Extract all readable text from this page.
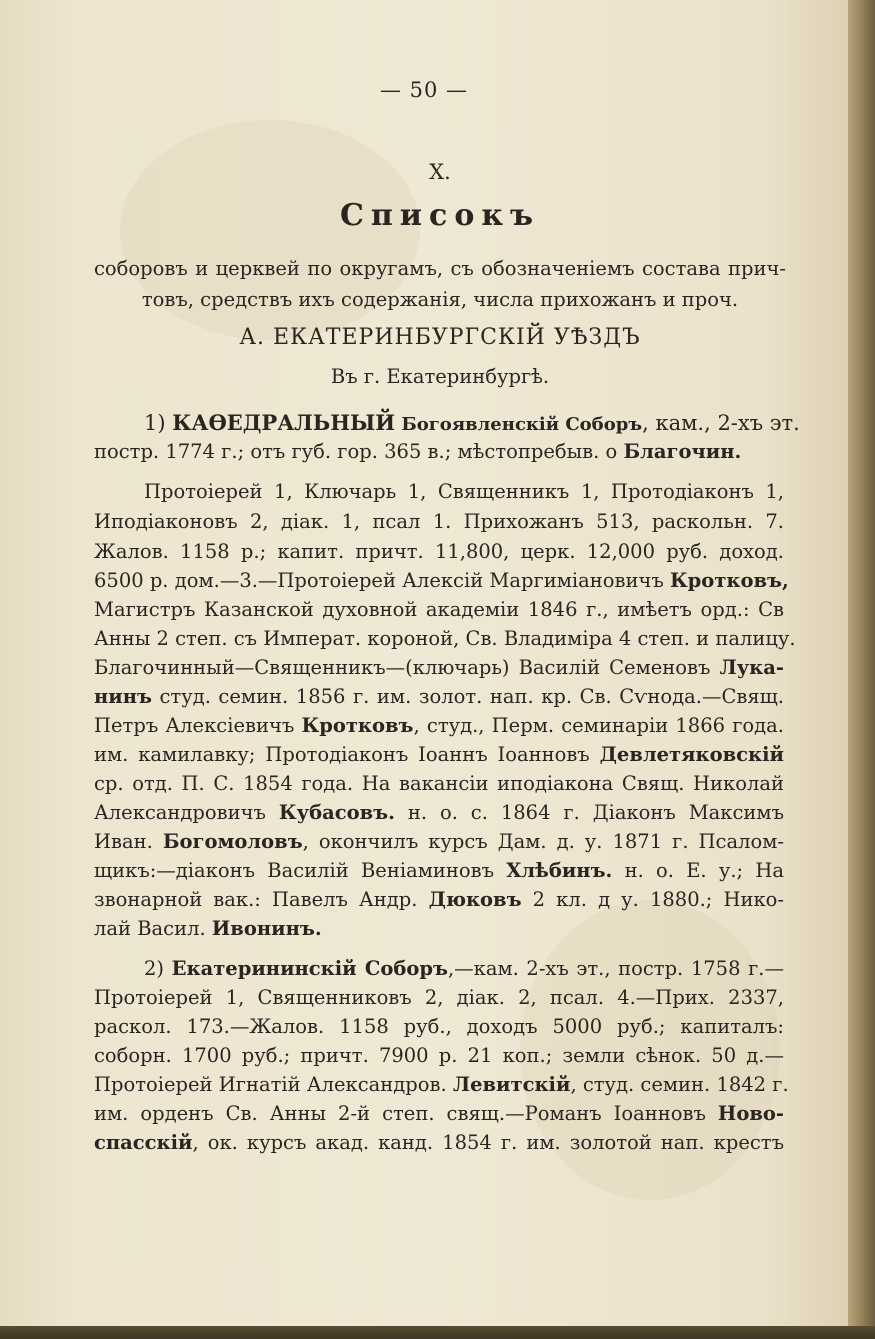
— 50 —
X.
Списокъ
соборовъ и церквей по округамъ, съ обозначеніемъ состава прич-
товъ, средствъ ихъ содержанія, числа прихожанъ и проч.
А. ЕКАТЕРИНБУРГСКІЙ УѢЗДЪ
Въ г. Екатеринбургѣ.
1) КАѲЕДРАЛЬНЫЙ Богоявленскій Соборъ, кам., 2-хъ эт.
постр. 1774 г.; отъ губ. гор. 365 в.; мѣстопребыв. о Благочин.
Протоіерей 1, Ключарь 1, Священникъ 1, Протодіаконъ 1,
Иподіаконовъ 2, діак. 1, псал 1. Прихожанъ 513, раскольн. 7.
Жалов. 1158 р.; капит. причт. 11,800, церк. 12,000 руб. доход.
6500 р. дом.—3.—Протоіерей Алексій Маргиміановичъ Кротковъ,
Магистръ Казанской духовной академіи 1846 г., имѣетъ орд.: Св
Анны 2 степ. съ Императ. короной, Св. Владиміра 4 степ. и палицу.
Благочинный—Священникъ—(ключарь) Василій Семеновъ Лука-
нинъ студ. семин. 1856 г. им. золот. нап. кр. Св. Сѵнода.—Свящ.
Петръ Алексіевичъ Кротковъ, студ., Перм. семинаріи 1866 года.
им. камилавку; Протодіаконъ Іоаннъ Іоанновъ Девлетяковскій
ср. отд. П. С. 1854 года. На вакансіи иподіакона Свящ. Николай
Александровичъ Кубасовъ. н. о. с. 1864 г. Діаконъ Максимъ
Иван. Богомоловъ, окончилъ курсъ Дам. д. у. 1871 г. Псалом-
щикъ:—діаконъ Василій Веніаминовъ Хлѣбинъ. н. о. Е. у.; На
звонарной вак.: Павелъ Андр. Дюковъ 2 кл. д у. 1880.; Нико-
лай Васил. Ивонинъ.
2) Екатерининскій Соборъ,—кам. 2-хъ эт., постр. 1758 г.—
Протоіерей 1, Священниковъ 2, діак. 2, псал. 4.—Прих. 2337,
раскол. 173.—Жалов. 1158 руб., доходъ 5000 руб.; капиталъ:
соборн. 1700 руб.; причт. 7900 р. 21 коп.; земли сѣнок. 50 д.—
Протоіерей Игнатій Александров. Левитскій, студ. семин. 1842 г.
им. орденъ Св. Анны 2-й степ. свящ.—Романъ Іоанновъ Ново-
спасскій, ок. курсъ акад. канд. 1854 г. им. золотой нап. крестъ
